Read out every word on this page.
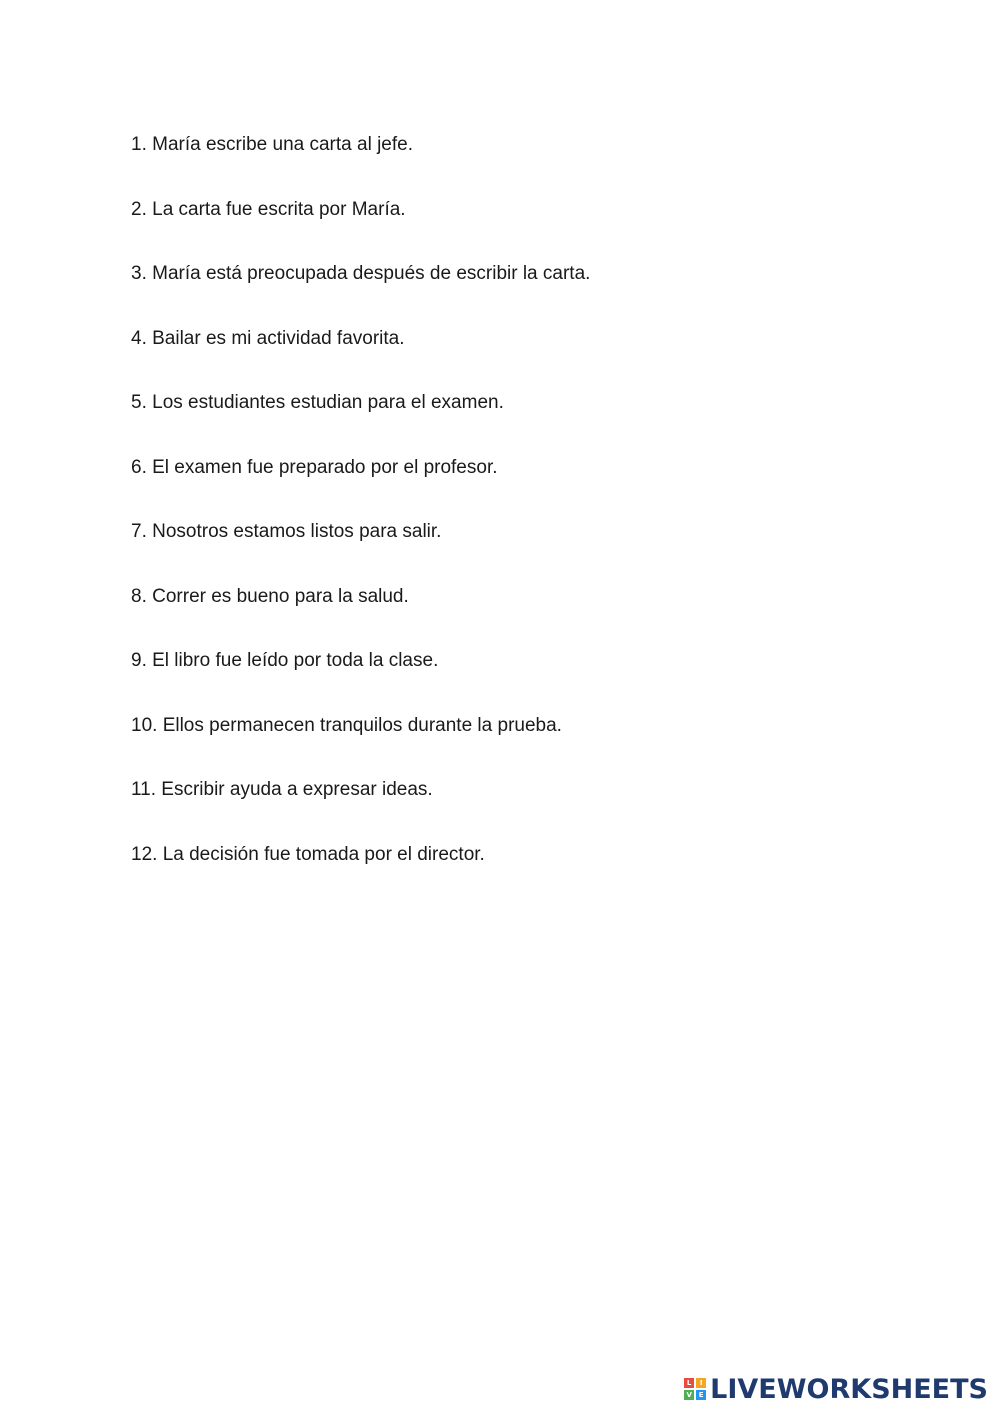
1. María escribe una carta al jefe.
2. La carta fue escrita por María.
3. María está preocupada después de escribir la carta.
4. Bailar es mi actividad favorita.
5. Los estudiantes estudian para el examen.
6. El examen fue preparado por el profesor.
7. Nosotros estamos listos para salir.
8. Correr es bueno para la salud.
9. El libro fue leído por toda la clase.
10. Ellos permanecen tranquilos durante la prueba.
11. Escribir ayuda a expresar ideas.
12. La decisión fue tomada por el director.
L	I
V E LIVEWORKSHEETS
